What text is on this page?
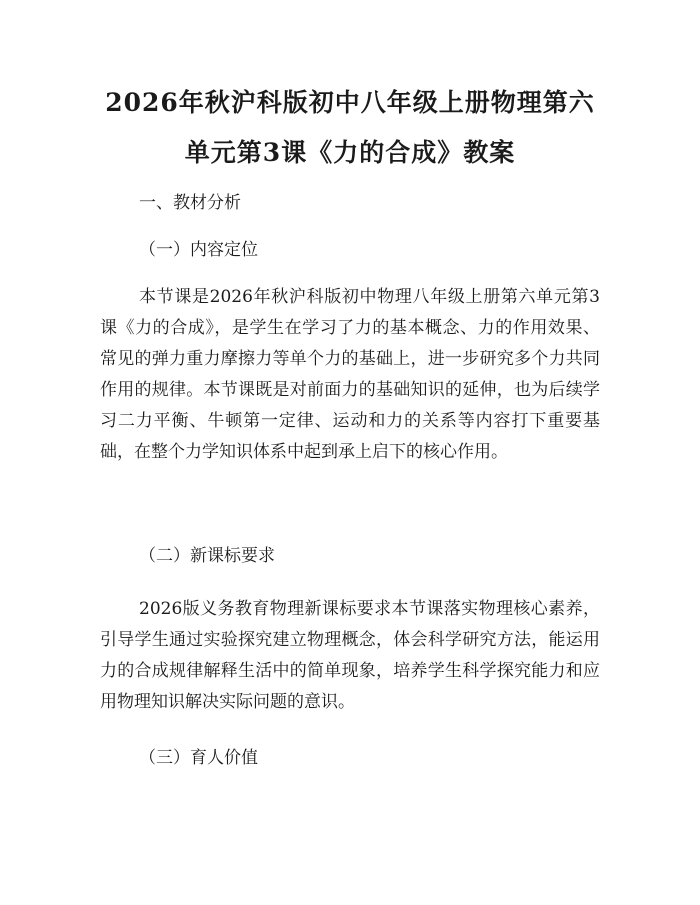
2026年秋沪科版初中八年级上册物理第六单元第3课《力的合成》教案
一、教材分析
（一）内容定位

本节课是2026年秋沪科版初中物理八年级上册第六单元第3课《力的合成》，是学生在学习了力的基本概念、力的作用效果、常见的弹力重力摩擦力等单个力的基础上，进一步研究多个力共同作用的规律。本节课既是对前面力的基础知识的延伸，也为后续学习二力平衡、牛顿第一定律、运动和力的关系等内容打下重要基础，在整个力学知识体系中起到承上启下的核心作用。

（二）新课标要求

2026版义务教育物理新课标要求本节课落实物理核心素养，引导学生通过实验探究建立物理概念，体会科学研究方法，能运用力的合成规律解释生活中的简单现象，培养学生科学探究能力和应用物理知识解决实际问题的意识。

（三）育人价值
